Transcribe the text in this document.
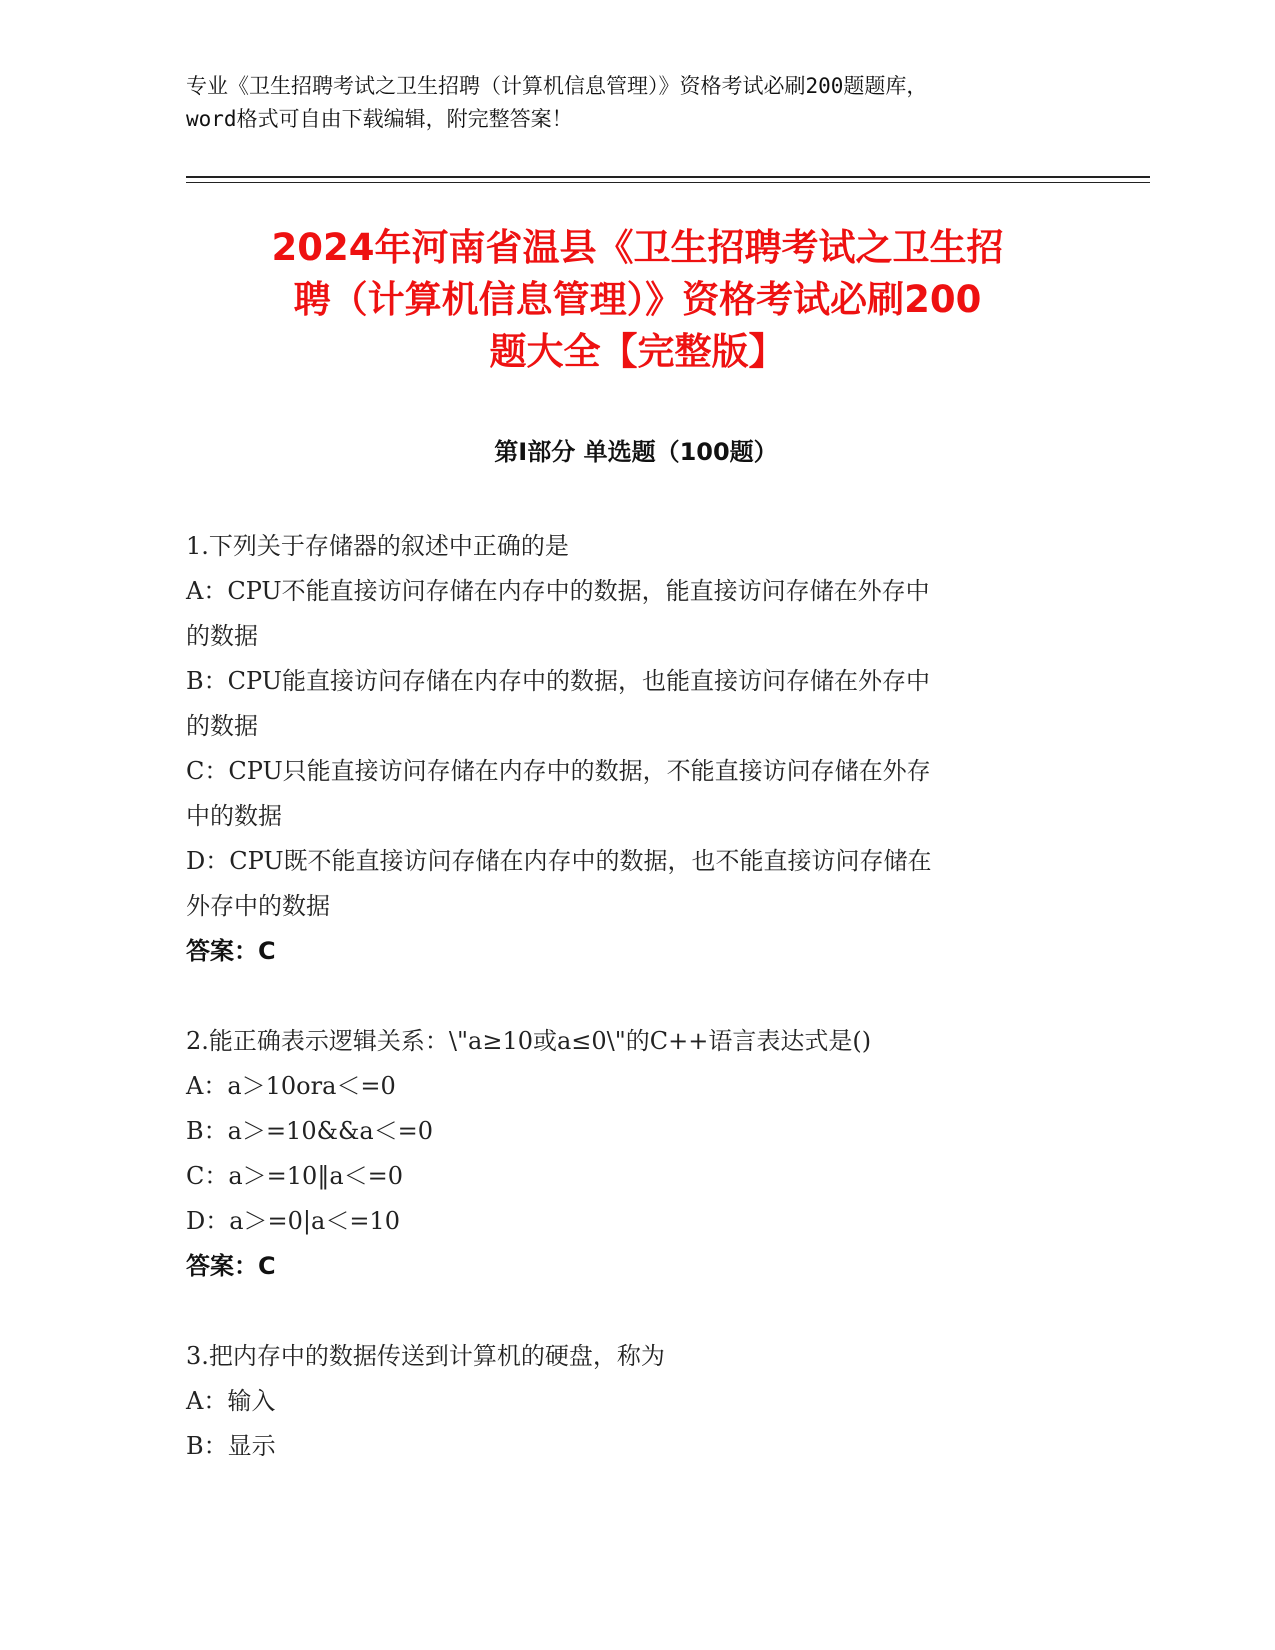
专业《卫生招聘考试之卫生招聘（计算机信息管理）》资格考试必刷200题题库，
word格式可自由下载编辑，附完整答案！
2024年河南省温县《卫生招聘考试之卫生招
聘（计算机信息管理）》资格考试必刷200
题大全【完整版】
第Ⅰ部分 单选题（100题）
1.下列关于存储器的叙述中正确的是
A：CPU不能直接访问存储在内存中的数据，能直接访问存储在外存中
的数据
B：CPU能直接访问存储在内存中的数据，也能直接访问存储在外存中
的数据
C：CPU只能直接访问存储在内存中的数据，不能直接访问存储在外存
中的数据
D：CPU既不能直接访问存储在内存中的数据，也不能直接访问存储在
外存中的数据
答案：C
2.能正确表示逻辑关系：\"a≥10或a≤0\"的C++语言表达式是()
A：a＞10ora＜=0
B：a＞=10&&a＜=0
C：a＞=10‖a＜=0
D：a＞=0|a＜=10
答案：C
3.把内存中的数据传送到计算机的硬盘，称为
A：输入
B：显示
